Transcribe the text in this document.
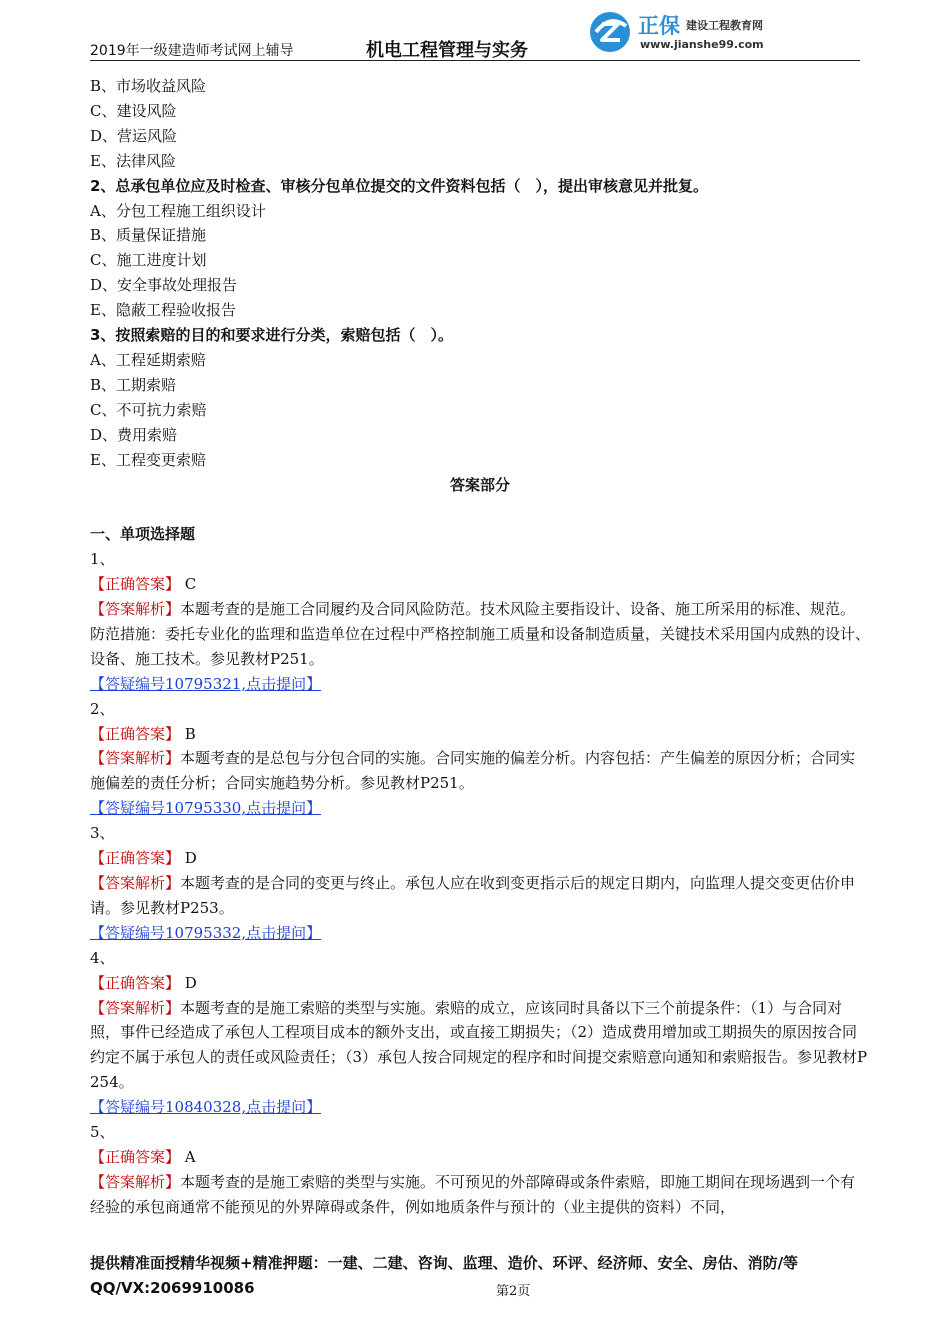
2019年一级建造师考试网上辅导	机电工程管理与实务
正保 建设工程教育网
www.jianshe99.com
B、市场收益风险
C、建设风险
D、营运风险
E、法律风险
2、总承包单位应及时检查、审核分包单位提交的文件资料包括（　），提出审核意见并批复。
A、分包工程施工组织设计
B、质量保证措施
C、施工进度计划
D、安全事故处理报告
E、隐蔽工程验收报告
3、按照索赔的目的和要求进行分类，索赔包括（　）。
A、工程延期索赔
B、工期索赔
C、不可抗力索赔
D、费用索赔
E、工程变更索赔
答案部分
一、单项选择题
1、
【正确答案】 C
【答案解析】本题考查的是施工合同履约及合同风险防范。技术风险主要指设计、设备、施工所采用的标准、规范。防范措施：委托专业化的监理和监造单位在过程中严格控制施工质量和设备制造质量，关键技术采用国内成熟的设计、设备、施工技术。参见教材P251。
【答疑编号10795321,点击提问】
2、
【正确答案】 B
【答案解析】本题考查的是总包与分包合同的实施。合同实施的偏差分析。内容包括：产生偏差的原因分析；合同实施偏差的责任分析；合同实施趋势分析。参见教材P251。
【答疑编号10795330,点击提问】
3、
【正确答案】 D
【答案解析】本题考查的是合同的变更与终止。承包人应在收到变更指示后的规定日期内，向监理人提交变更估价申请。参见教材P253。
【答疑编号10795332,点击提问】
4、
【正确答案】 D
【答案解析】本题考查的是施工索赔的类型与实施。索赔的成立，应该同时具备以下三个前提条件：（1）与合同对照，事件已经造成了承包人工程项目成本的额外支出，或直接工期损失；（2）造成费用增加或工期损失的原因按合同约定不属于承包人的责任或风险责任；（3）承包人按合同规定的程序和时间提交索赔意向通知和索赔报告。参见教材P254。
【答疑编号10840328,点击提问】
5、
【正确答案】 A
【答案解析】本题考查的是施工索赔的类型与实施。不可预见的外部障碍或条件索赔，即施工期间在现场遇到一个有经验的承包商通常不能预见的外界障碍或条件，例如地质条件与预计的（业主提供的资料）不同，
提供精准面授精华视频+精准押题：一建、二建、咨询、监理、造价、环评、经济师、安全、房估、消防/等
QQ/VX:2069910086	第2页
